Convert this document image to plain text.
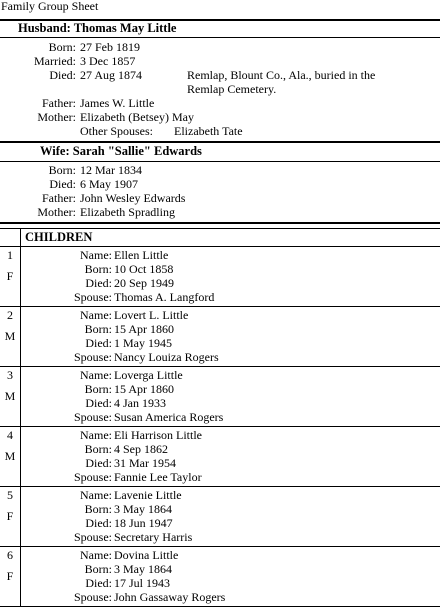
Family Group Sheet
Husband: Thomas May Little
Born: 27 Feb 1819
Married: 3 Dec 1857
Died: 27 Aug 1874	Remlap, Blount Co., Ala., buried in the Remlap Cemetery.
Father: James W. Little
Mother: Elizabeth (Betsey) May
Other Spouses: Elizabeth Tate
Wife: Sarah "Sallie" Edwards
Born: 12 Mar 1834
Died: 6 May 1907
Father: John Wesley Edwards
Mother: Elizabeth Spradling
CHILDREN
1
F
Name: Ellen Little
Born: 10 Oct 1858
Died: 20 Sep 1949
Spouse: Thomas A. Langford
2
M
Name: Lovert L. Little
Born: 15 Apr 1860
Died: 1 May 1945
Spouse: Nancy Louiza Rogers
3
M
Name: Loverga Little
Born: 15 Apr 1860
Died: 4 Jan 1933
Spouse: Susan America Rogers
4
M
Name: Eli Harrison Little
Born: 4 Sep 1862
Died: 31 Mar 1954
Spouse: Fannie Lee Taylor
5
F
Name: Lavenie Little
Born: 3 May 1864
Died: 18 Jun 1947
Spouse: Secretary Harris
6
F
Name: Dovina Little
Born: 3 May 1864
Died: 17 Jul 1943
Spouse: John Gassaway Rogers
